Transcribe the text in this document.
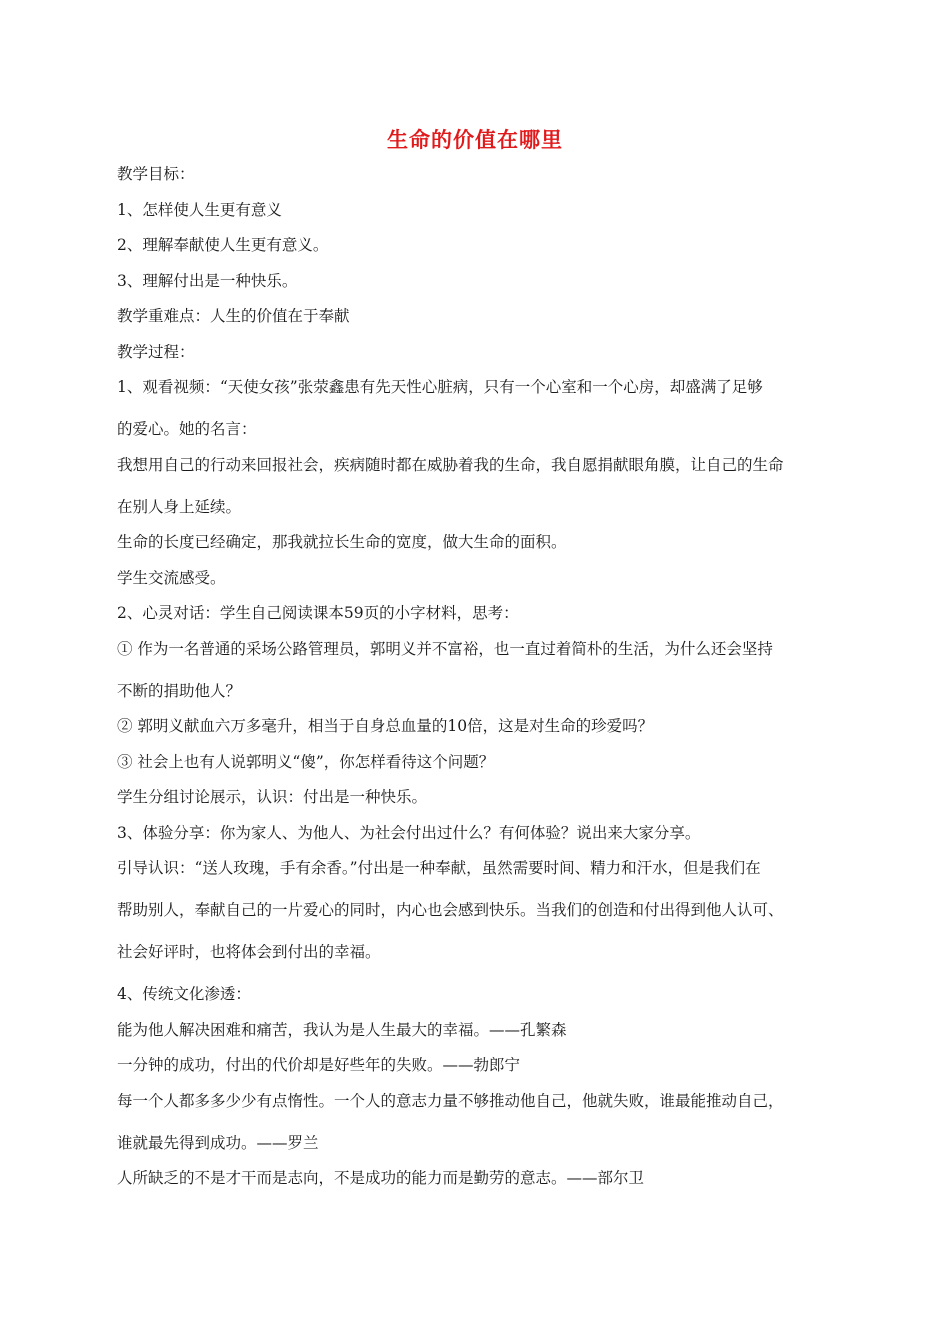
生命的价值在哪里
教学目标：
1、怎样使人生更有意义
2、理解奉献使人生更有意义。
3、理解付出是一种快乐。
教学重难点：人生的价值在于奉献
教学过程：
1、观看视频：“天使女孩”张荥鑫患有先天性心脏病，只有一个心室和一个心房，却盛满了足够
的爱心。她的名言：
我想用自己的行动来回报社会，疾病随时都在威胁着我的生命，我自愿捐献眼角膜，让自己的生命
在别人身上延续。
生命的长度已经确定，那我就拉长生命的宽度，做大生命的面积。
学生交流感受。
2、心灵对话：学生自己阅读课本59页的小字材料，思考：
① 作为一名普通的采场公路管理员，郭明义并不富裕，也一直过着简朴的生活，为什么还会坚持
不断的捐助他人？
② 郭明义献血六万多毫升，相当于自身总血量的10倍，这是对生命的珍爱吗？
③ 社会上也有人说郭明义“傻”，你怎样看待这个问题？
学生分组讨论展示，认识：付出是一种快乐。
3、体验分享：你为家人、为他人、为社会付出过什么？有何体验？说出来大家分享。
引导认识：“送人玫瑰，手有余香。”付出是一种奉献，虽然需要时间、精力和汗水，但是我们在
帮助别人，奉献自己的一片爱心的同时，内心也会感到快乐。当我们的创造和付出得到他人认可、
社会好评时，也将体会到付出的幸福。
4、传统文化渗透：
能为他人解决困难和痛苦，我认为是人生最大的幸福。——孔繁森
一分钟的成功，付出的代价却是好些年的失败。——勃郎宁
每一个人都多多少少有点惰性。一个人的意志力量不够推动他自己，他就失败，谁最能推动自己，
谁就最先得到成功。——罗兰
人所缺乏的不是才干而是志向，不是成功的能力而是勤劳的意志。——部尔卫
